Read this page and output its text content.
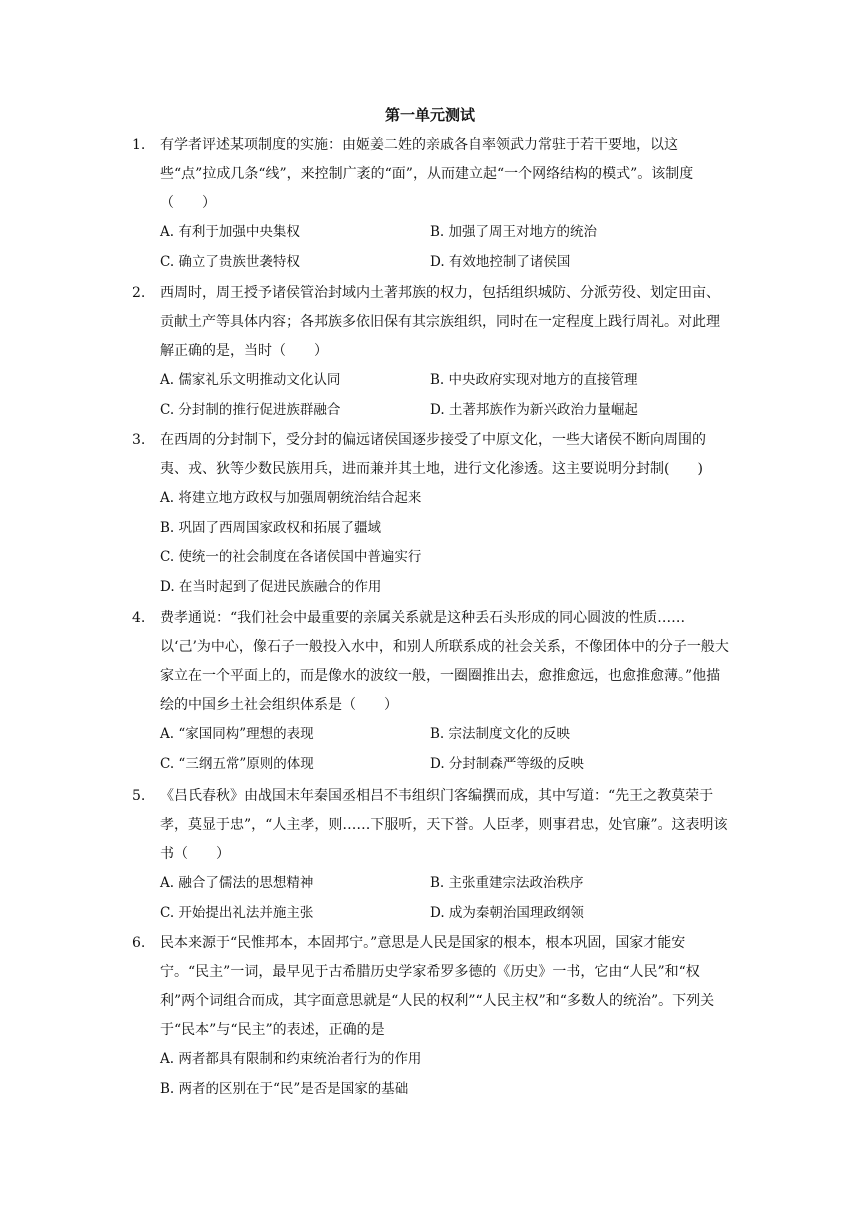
第一单元测试
1. 有学者评述某项制度的实施：由姬姜二姓的亲戚各自率领武力常驻于若干要地，以这些“点”拉成几条“线”，来控制广袤的“面”，从而建立起“一个网络结构的模式”。该制度（　　）
A. 有利于加强中央集权	B. 加强了周王对地方的统治
C. 确立了贵族世袭特权	D. 有效地控制了诸侯国
2. 西周时，周王授予诸侯管治封域内土著邦族的权力，包括组织城防、分派劳役、划定田亩、贡献土产等具体内容；各邦族多依旧保有其宗族组织，同时在一定程度上践行周礼。对此理解正确的是，当时（　　）
A. 儒家礼乐文明推动文化认同	B. 中央政府实现对地方的直接管理
C. 分封制的推行促进族群融合	D. 土著邦族作为新兴政治力量崛起
3. 在西周的分封制下，受分封的偏远诸侯国逐步接受了中原文化，一些大诸侯不断向周围的夷、戎、狄等少数民族用兵，进而兼并其土地，进行文化渗透。这主要说明分封制(　　)
A. 将建立地方政权与加强周朝统治结合起来
B. 巩固了西周国家政权和拓展了疆域
C. 使统一的社会制度在各诸侯国中普遍实行
D. 在当时起到了促进民族融合的作用
4. 费孝通说：“我们社会中最重要的亲属关系就是这种丢石头形成的同心圆波的性质……以‘己’为中心，像石子一般投入水中，和别人所联系成的社会关系，不像团体中的分子一般大家立在一个平面上的，而是像水的波纹一般，一圈圈推出去，愈推愈远，也愈推愈薄。”他描绘的中国乡土社会组织体系是（　　）
A. “家国同构”理想的表现	B. 宗法制度文化的反映
C. “三纲五常”原则的体现	D. 分封制森严等级的反映
5. 《吕氏春秋》由战国末年秦国丞相吕不韦组织门客编撰而成，其中写道：“先王之教莫荣于孝，莫显于忠”，“人主孝，则……下服听，天下誉。人臣孝，则事君忠，处官廉”。这表明该书（　　）
A. 融合了儒法的思想精神	B. 主张重建宗法政治秩序
C. 开始提出礼法并施主张	D. 成为秦朝治国理政纲领
6. 民本来源于“民惟邦本，本固邦宁。”意思是人民是国家的根本，根本巩固，国家才能安宁。“民主”一词，最早见于古希腊历史学家希罗多德的《历史》一书，它由“人民”和“权利”两个词组合而成，其字面意思就是“人民的权利”“人民主权”和“多数人的统治”。下列关于“民本”与“民主”的表述，正确的是
A. 两者都具有限制和约束统治者行为的作用
B. 两者的区别在于“民”是否是国家的基础
